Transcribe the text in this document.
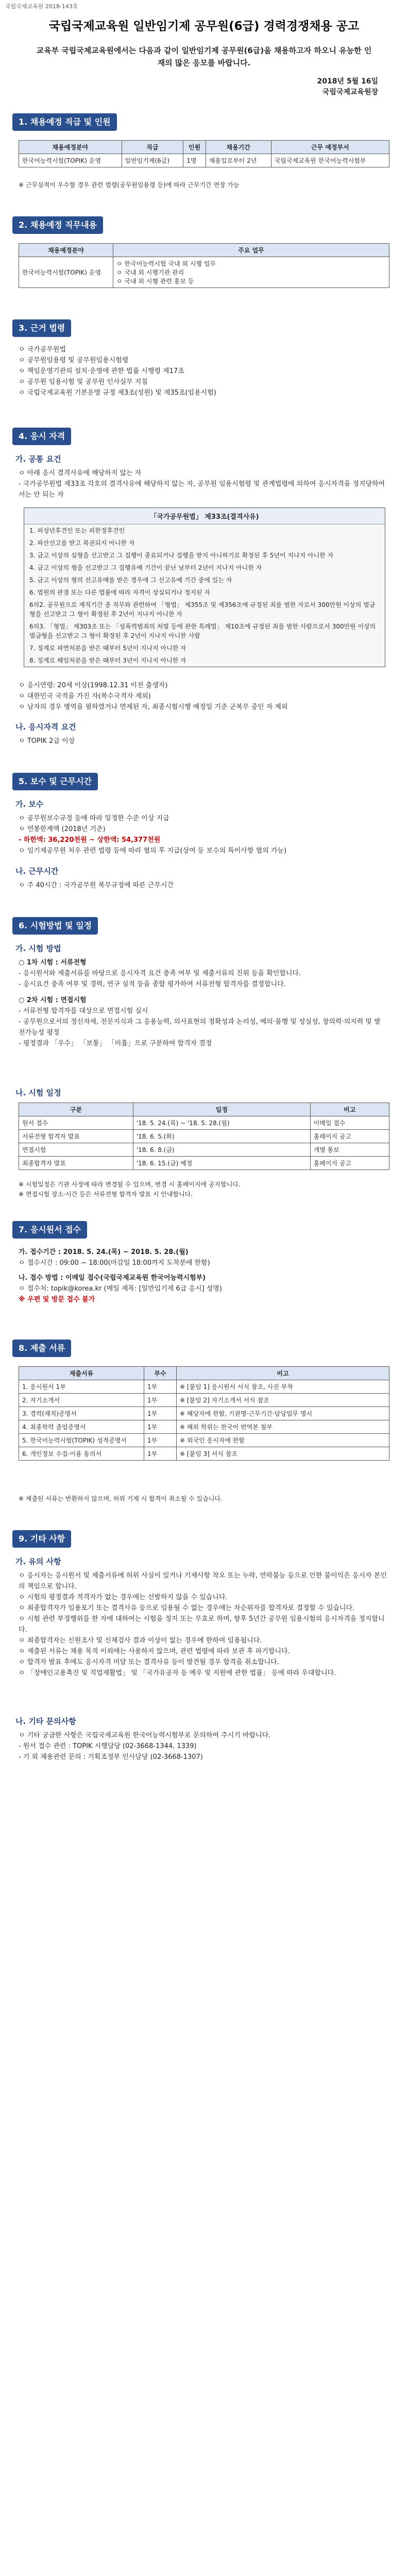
국립국제교육원 2018-143호
국립국제교육원 일반임기제 공무원(6급) 경력경쟁채용 공고
교육부 국립국제교육원에서는 다음과 같이 일반임기제 공무원(6급)을 채용하고자 하오니 유능한 인재의 많은 응모를 바랍니다.
2018년 5월 16일
국립국제교육원장
1. 채용예정 직급 및 인원
채용예정분야	직급	인원	채용기간	근무 예정부서
한국어능력시험(TOPIK) 운영	일반임기제(6급)	1명	채용일로부터 2년	국립국제교육원 한국어능력시험부
※ 근무실적이 우수할 경우 관련 법령(공무원임용령 등)에 따라 근무기간 연장 가능
2. 채용예정 직무내용
채용예정분야	주요 업무
한국어능력시험(TOPIK) 운영	ㅇ 한국어능력시험 국내 외 시행 업무
ㅇ 국내 외 시행기관 관리
ㅇ 국내 외 시행 관련 홍보 등
3. 근거 법령
ㅇ 국가공무원법
ㅇ 공무원임용령 및 공무원임용시험령
ㅇ 책임운영기관의 설치·운영에 관한 법률 시행령 제17조
ㅇ 공무원 임용시험 및 공무원 인사실무 지침
ㅇ 국립국제교육원 기본운영 규정 제3조(성원) 및 제35조(임용시험)
4. 응시 자격
가. 공통 요건
ㅇ 아래 응시 결격사유에 해당하지 않는 자
- 국가공무원법 제33조 각호의 결격사유에 해당하지 않는 자, 공무원 임용시험령 및 관계법령에 의하여 응시자격을 정지당하여 서는 안 되는 자
「국가공무원법」 제33조(결격사유)
1. 피성년후견인 또는 피한정후견인
2. 파산선고를 받고 복권되지 아니한 자
3. 금고 이상의 실형을 선고받고 그 집행이 종료되거나 집행을 받지 아니하기로 확정된 후 5년이 지나지 아니한 자
4. 금고 이상의 형을 선고받고 그 집행유예 기간이 끝난 날부터 2년이 지나지 아니한 자
5. 금고 이상의 형의 선고유예를 받은 경우에 그 선고유예 기간 중에 있는 자
6. 법원의 판결 또는 다른 법률에 따라 자격이 상실되거나 정지된 자
6의2. 공무원으로 재직기간 중 직무와 관련하여 「형법」 제355조 및 제356조에 규정된 죄를 범한 자로서 300만원 이상의 벌금형을 선고받고 그 형이 확정된 후 2년이 지나지 아니한 자
6의3. 「형법」 제303조 또는 「성폭력범죄의 처벌 등에 관한 특례법」 제10조에 규정된 죄를 범한 사람으로서 300만원 이상의 벌금형을 선고받고 그 형이 확정된 후 2년이 지나지 아니한 사람
7. 징계로 파면처분을 받은 때부터 5년이 지나지 아니한 자
8. 징계로 해임처분을 받은 때부터 3년이 지나지 아니한 자
ㅇ 응시연령: 20세 이상(1998.12.31 이전 출생자)
ㅇ 대한민국 국적을 가진 자(복수국적자 제외)
ㅇ 남자의 경우 병역을 필하였거나 면제된 자, 최종시험시행 예정일 기준 군복무 중인 자 제외
나. 응시자격 요건
ㅇ TOPIK 2급 이상
5. 보수 및 근무시간
가. 보수
ㅇ 공무원보수규정 등에 따라 일정한 수준 이상 지급
ㅇ 연봉한계액 (2018년 기준)
- 하한액: 36,220천원 ~ 상한액: 54,377천원
ㅇ 임기제공무원 처우 관련 법령 등에 따라 협의 후 지급(상여 등 보수의 특이사항 협의 가능)
나. 근무시간
ㅇ 주 40시간 : 국가공무원 복무규정에 따른 근무시간
6. 시험방법 및 일정
가. 시험 방법
○ 1차 시험 : 서류전형
- 응시원서와 제출서류를 바탕으로 응시자격 요건 충족 여부 및 제출서류의 진위 등을 확인합니다.
- 응시요건 충족 여부 및 경력, 연구 실적 등을 종합 평가하여 서류전형 합격자를 결정합니다.
○ 2차 시험 : 면접시험
- 서류전형 합격자를 대상으로 면접시험 실시
- 공무원으로서의 정신자세, 전문지식과 그 응용능력, 의사표현의 정확성과 논리성, 예의·품행 및 성실성, 창의력·의지력 및 발전가능성 평정
- 평정결과 「우수」 「보통」 「미흡」으로 구분하여 합격자 결정
나. 시험 일정
구분	일정	비고
원서 접수	'18. 5. 24.(목) ~ '18. 5. 28.(월)	이메일 접수
서류전형 합격자 발표	'18. 6. 5.(화)	홈페이지 공고
면접시험	'18. 6. 8.(금)	개별 통보
최종합격자 발표	'18. 6. 15.(금) 예정	홈페이지 공고
※ 시험일정은 기관 사정에 따라 변경될 수 있으며, 변경 시 홈페이지에 공지합니다.
※ 면접시험 장소·시간 등은 서류전형 합격자 발표 시 안내합니다.
7. 응시원서 접수
가. 접수기간 : 2018. 5. 24.(목) ~ 2018. 5. 28.(월)
ㅇ 접수시간 : 09:00 ~ 18:00(마감일 18:00까지 도착분에 한함)
나. 접수 방법 : 이메일 접수(국립국제교육원 한국어능력시험부)
ㅇ 접수처: topik@korea.kr (메일 제목: [일반임기제 6급 응시] 성명)
※ 우편 및 방문 접수 불가
8. 제출 서류
제출서류	부수	비고
1. 응시원서 1부	1부	※ [붙임 1] 응시원서 서식 참조, 사진 부착
2. 자기소개서	1부	※ [붙임 2] 자기소개서 서식 참조
3. 경력(재직)증명서	1부	※ 해당자에 한함, 기관명·근무기간·담당업무 명시
4. 최종학력 졸업증명서	1부	※ 해외 학위는 한국어 번역본 첨부
5. 한국어능력시험(TOPIK) 성적증명서	1부	※ 외국인 응시자에 한함
6. 개인정보 수집·이용 동의서	1부	※ [붙임 3] 서식 참조
※ 제출된 서류는 반환하지 않으며, 허위 기재 시 합격이 취소될 수 있습니다.
9. 기타 사항
가. 유의 사항
ㅇ 응시자는 응시원서 및 제출서류에 허위 사실이 있거나 기재사항 착오 또는 누락, 연락불능 등으로 인한 불이익은 응시자 본인의 책임으로 합니다.
ㅇ 시험의 평정결과 적격자가 없는 경우에는 선발하지 않을 수 있습니다.
ㅇ 최종합격자가 임용포기 또는 결격사유 등으로 임용될 수 없는 경우에는 차순위자를 합격자로 결정할 수 있습니다.
ㅇ 시험 관련 부정행위를 한 자에 대하여는 시험을 정지 또는 무효로 하며, 향후 5년간 공무원 임용시험의 응시자격을 정지합니다.
ㅇ 최종합격자는 신원조사 및 신체검사 결과 이상이 없는 경우에 한하여 임용됩니다.
ㅇ 제출된 서류는 채용 목적 이외에는 사용하지 않으며, 관련 법령에 따라 보관 후 파기합니다.
ㅇ 합격자 발표 후에도 응시자격 미달 또는 결격사유 등이 발견될 경우 합격을 취소합니다.
ㅇ 「장애인고용촉진 및 직업재활법」 및 「국가유공자 등 예우 및 지원에 관한 법률」 등에 따라 우대합니다.
나. 기타 문의사항
ㅇ 기타 궁금한 사항은 국립국제교육원 한국어능력시험부로 문의하여 주시기 바랍니다.
- 원서 접수 관련 : TOPIK 시행담당 (02-3668-1344, 1339)
- 기 외 채용관련 문의 : 기획조정부 인사담당 (02-3668-1307)
